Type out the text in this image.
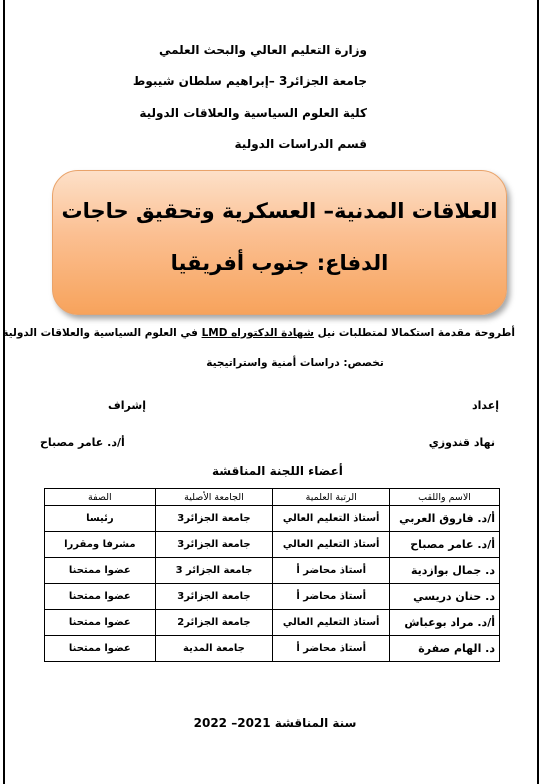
وزارة التعليم العالي والبحث العلمي
جامعة الجزائر3 –إبراهيم سلطان شيبوط
كلية العلوم السياسية والعلاقات الدولية
قسم الدراسات الدولية
العلاقات المدنية– العسكرية وتحقيق حاجات
الدفاع: جنوب أفريقيا
أطروحة مقدمة استكمالا لمتطلبات نيل شهادة الدكتوراه LMD في العلوم السياسية والعلاقات الدولية
تخصص: دراسات أمنية واستراتيجية
إعداد
إشراف
نهاد قندوزي
أ/د. عامر مصباح
أعضاء اللجنة المناقشة
الاسم واللقب	الرتبة العلمية	الجامعة الأصلية	الصفة
أ/د. فاروق العربي	أستاذ التعليم العالي	جامعة الجزائر3	رئيسا
أ/د. عامر مصباح	أستاذ التعليم العالي	جامعة الجزائر3	مشرفا ومقررا
د. جمال بوازدية	أستاذ محاضر أ	جامعة الجزائر 3	عضوا ممتحنا
د. حنان دريسي	أستاذ محاضر أ	جامعة الجزائر3	عضوا ممتحنا
أ/د. مراد بوعباش	أستاذ التعليم العالي	جامعة الجزائر2	عضوا ممتحنا
د. الهام صفرة	أستاذ محاضر أ	جامعة المدية	عضوا ممتحنا
سنة المناقشة 2021– 2022
